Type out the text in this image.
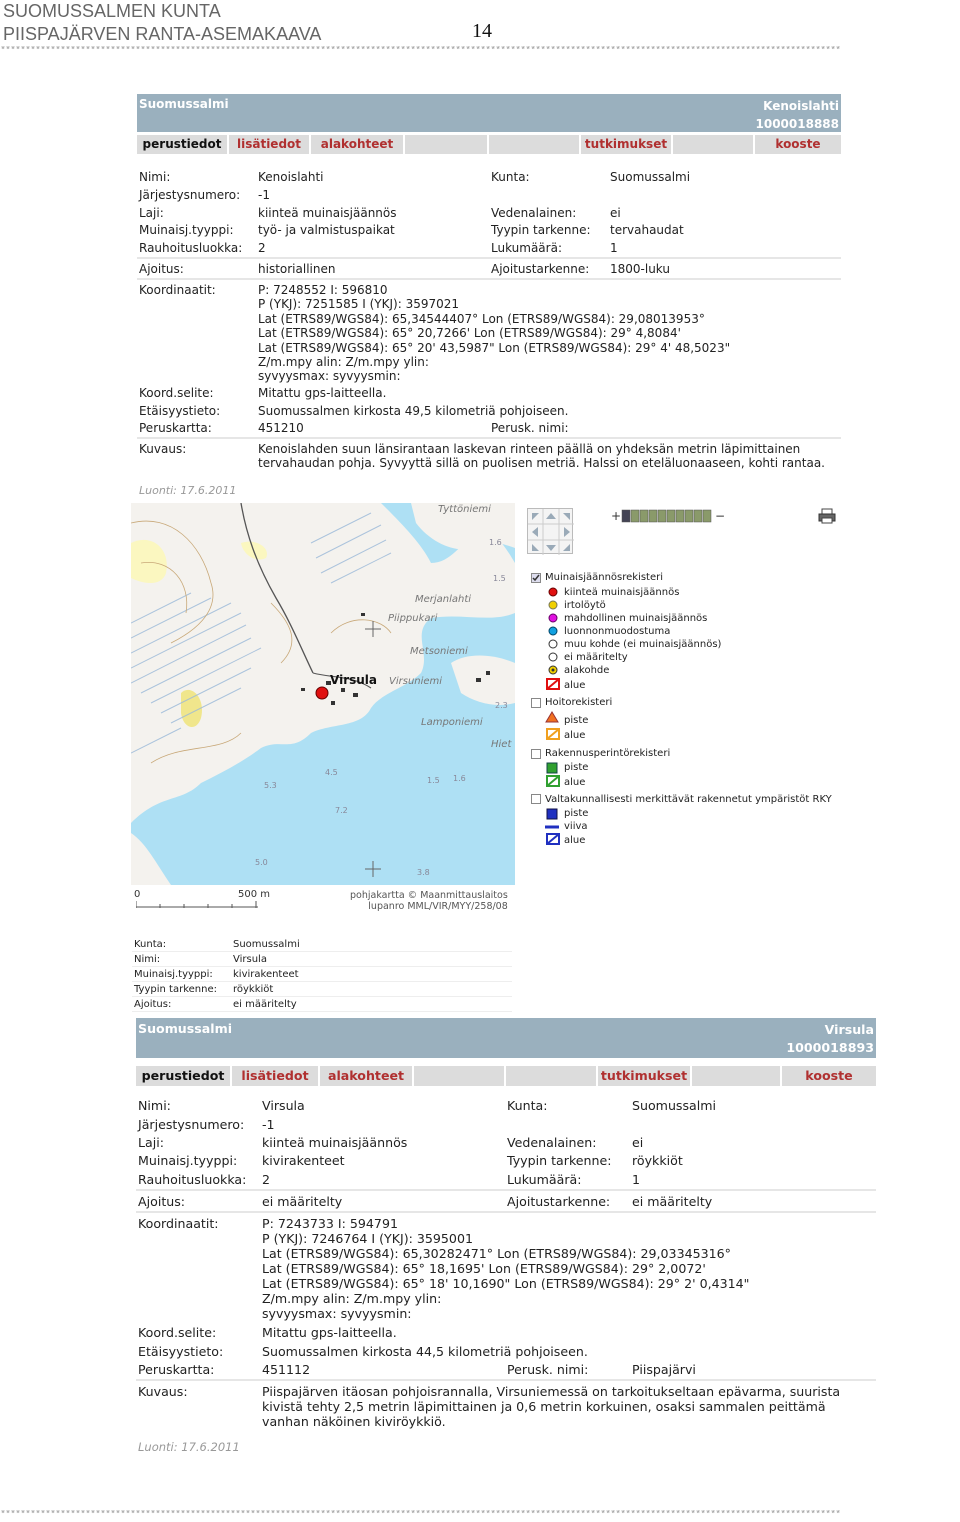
SUOMUSSALMEN KUNTA
PIISPAJÄRVEN RANTA-ASEMAKAAVA	14
************************************************************************************************************************************************************************
Suomussalmi	Kenoislahti
1000018888
perustiedot	lisätiedot	alakohteet	tutkimukset	kooste
Nimi:	Kenoislahti	Kunta:	Suomussalmi
Järjestysnumero: -1
Laji:	kiinteä muinaisjäännös	Vedenalainen:	ei
Muinaisj.tyyppi: työ- ja valmistuspaikat	Tyypin tarkenne: tervahaudat
Rauhoitusluokka: 2	Lukumäärä:	1
Ajoitus:	historiallinen	Ajoitustarkenne: 1800-luku
Koordinaatit:	P: 7248552 I: 596810
P (YKJ): 7251585 I (YKJ): 3597021
Lat (ETRS89/WGS84): 65,34544407° Lon (ETRS89/WGS84): 29,08013953°
Lat (ETRS89/WGS84): 65° 20,7266' Lon (ETRS89/WGS84): 29° 4,8084'
Lat (ETRS89/WGS84): 65° 20' 43,5987" Lon (ETRS89/WGS84): 29° 4' 48,5023"
Z/m.mpy alin: Z/m.mpy ylin:
syvyysmax: syvyysmin:
Koord.selite:	Mitattu gps-laitteella.
Etäisyystieto:	Suomussalmen kirkosta 49,5 kilometriä pohjoiseen.
Peruskartta:	451210	Perusk. nimi:
Kuvaus:	Kenoislahden suun länsirantaan laskevan rinteen päällä on yhdeksän metrin läpimittainen
tervahaudan pohja. Syvyyttä sillä on puolisen metriä. Halssi on eteläluonaaseen, kohti rantaa.
Luonti: 17.6.2011
Tyttöniemi
Merjanlahti
Piippukari
Metsoniemi
Virsuniemi
Lamponiemi
Hiet
Virsula
1.6
1.5
2.3
4.5
5.3
7.2
1.5 1.6
5.0
3.8
+	−
Muinaisjäännösrekisteri
kiinteä muinaisjäännös
irtolöytö
mahdollinen muinaisjäännös
luonnonmuodostuma
muu kohde (ei muinaisjäännös)
ei määritelty
alakohde
alue
Hoitorekisteri
piste
alue
Rakennusperintörekisteri
piste
alue
Valtakunnallisesti merkittävät rakennetut ympäristöt RKY
piste
viiva
alue
0	500 m	pohjakartta © Maanmittauslaitos
lupanro MML/VIR/MYY/258/08
Kunta:	Suomussalmi
Nimi:	Virsula
Muinaisj.tyyppi: kivirakenteet
Tyypin tarkenne: röykkiöt
Ajoitus:	ei määritelty
Suomussalmi	Virsula
1000018893
perustiedot	lisätiedot	alakohteet	tutkimukset	kooste
Nimi:	Virsula	Kunta:	Suomussalmi
Järjestysnumero: -1
Laji:	kiinteä muinaisjäännös	Vedenalainen:	ei
Muinaisj.tyyppi: kivirakenteet	Tyypin tarkenne: röykkiöt
Rauhoitusluokka: 2	Lukumäärä:	1
Ajoitus:	ei määritelty	Ajoitustarkenne: ei määritelty
Koordinaatit:	P: 7243733 I: 594791
P (YKJ): 7246764 I (YKJ): 3595001
Lat (ETRS89/WGS84): 65,30282471° Lon (ETRS89/WGS84): 29,03345316°
Lat (ETRS89/WGS84): 65° 18,1695' Lon (ETRS89/WGS84): 29° 2,0072'
Lat (ETRS89/WGS84): 65° 18' 10,1690" Lon (ETRS89/WGS84): 29° 2' 0,4314"
Z/m.mpy alin: Z/m.mpy ylin:
syvyysmax: syvyysmin:
Koord.selite:	Mitattu gps-laitteella.
Etäisyystieto:	Suomussalmen kirkosta 44,5 kilometriä pohjoiseen.
Peruskartta:	451112	Perusk. nimi:	Piispajärvi
Kuvaus:	Piispajärven itäosan pohjoisrannalla, Virsuniemessä on tarkoitukseltaan epävarma, suurista
kivistä tehty 2,5 metrin läpimittainen ja 0,6 metrin korkuinen, osaksi sammalen peittämä
vanhan näköinen kiviröykkiö.
Luonti: 17.6.2011
************************************************************************************************************************************************************************
